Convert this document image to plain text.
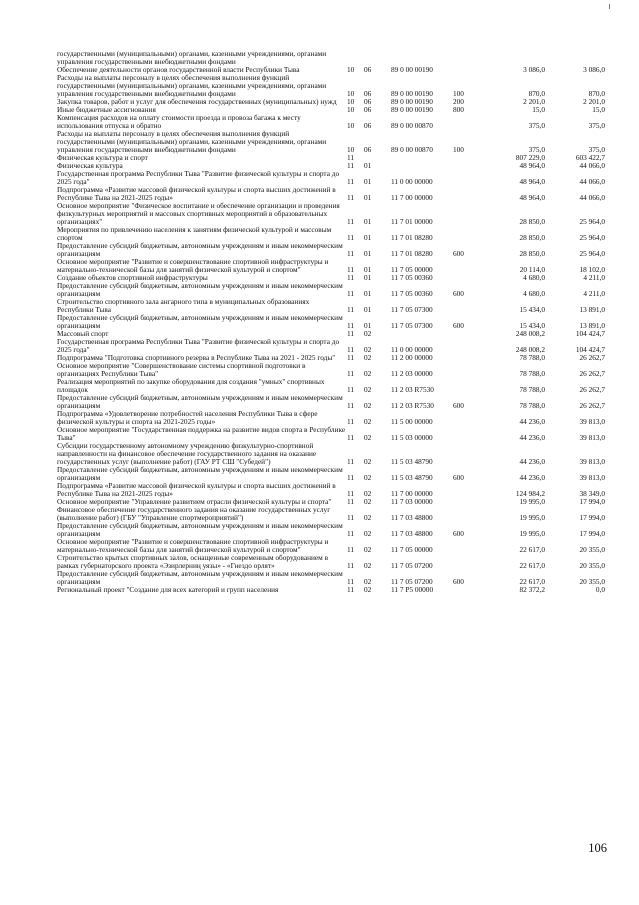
государственными (муниципальными) органами, казенными учреждениями, органами управления государственными внебюджетными фондами						
Обеспечение деятельности органов государственной власти Республики Тыва	10	06	89 0 00 00190		3 086,0	3 086,0
Расходы на выплаты персоналу в целях обеспечения выполнения функций государственными (муниципальными) органами, казенными учреждениями, органами управления государственными внебюджетными фондами	10	06	89 0 00 00190	100	870,0	870,0
Закупка товаров, работ и услуг для обеспечения государственных (муниципальных) нужд	10	06	89 0 00 00190	200	2 201,0	2 201,0
Иные бюджетные ассигнования	10	06	89 0 00 00190	800	15,0	15,0
Компенсация расходов на оплату стоимости проезда и провоза багажа к месту использования отпуска и обратно	10	06	89 0 00 00870		375,0	375,0
Расходы на выплаты персоналу в целях обеспечения выполнения функций государственными (муниципальными) органами, казенными учреждениями, органами управления государственными внебюджетными фондами	10	06	89 0 00 00870	100	375,0	375,0
Физическая культура и спорт	11				807 229,0	603 422,7
Физическая культура	11	01			48 964,0	44 066,0
Государственная программа Республики Тыва "Развитие физической культуры и спорта до 2025 года"	11	01	11 0 00 00000		48 964,0	44 066,0
Подпрограмма «Развитие массовой физической культуры и спорта высших достижений в Республике Тыва на 2021-2025 годы»	11	01	11 7 00 00000		48 964,0	44 066,0
Основное мероприятие "Физическое воспитание и обеспечение организации и проведения физкультурных мероприятий и массовых спортивных мероприятий в образовательных организациях"	11	01	11 7 01 00000		28 850,0	25 964,0
Мероприятия по привлечению населения к занятиям физической культурой и массовым спортом	11	01	11 7 01 08280		28 850,0	25 964,0
Предоставление субсидий бюджетным, автономным учреждениям и иным некоммерческим организациям	11	01	11 7 01 08280	600	28 850,0	25 964,0
Основное мероприятие "Развитие и совершенствование спортивной инфраструктуры и материально-технической базы для занятий физической культурой и спортом"	11	01	11 7 05 00000		20 114,0	18 102,0
Создание объектов спортивной инфраструктуры	11	01	11 7 05 00360		4 680,0	4 211,0
Предоставление субсидий бюджетным, автономным учреждениям и иным некоммерческим организациям	11	01	11 7 05 00360	600	4 680,0	4 211,0
Строительство спортивного зала ангарного типа в муниципальных образованиях Республики Тыва	11	01	11 7 05 07300		15 434,0	13 891,0
Предоставление субсидий бюджетным, автономным учреждениям и иным некоммерческим организациям	11	01	11 7 05 07300	600	15 434,0	13 891,0
Массовый спорт	11	02			248 008,2	104 424,7
Государственная программа Республики Тыва "Развитие физической культуры и спорта до 2025 года"	11	02	11 0 00 00000		248 008,2	104 424,7
Подпрограмма "Подготовка спортивного резерва в Республике Тыва на 2021 - 2025 годы"	11	02	11 2 00 00000		78 788,0	26 262,7
Основное мероприятие "Совершенствование системы спортивной подготовки в организациях Республики Тыва"	11	02	11 2 03 00000		78 788,0	26 262,7
Реализация мероприятий по закупке оборудования для создания "умных" спортивных площадок	11	02	11 2 03 R7530		78 788,0	26 262,7
Предоставление субсидий бюджетным, автономным учреждениям и иным некоммерческим организациям	11	02	11 2 03 R7530	600	78 788,0	26 262,7
Подпрограмма «Удовлетворение потребностей населения Республики Тыва в сфере физической культуры и спорта на 2021-2025 годы»	11	02	11 5 00 00000		44 236,0	39 813,0
Основное мероприятие "Государственная поддержка на развитие видов спорта в Республике Тыва"	11	02	11 5 03 00000		44 236,0	39 813,0
Субсидии государственному автономному учреждению физкультурно-спортивной направленности на финансовое обеспечение государственного задания на оказание государственных услуг (выполнение работ) (ГАУ РТ СШ "Субедей")	11	02	11 5 03 48790		44 236,0	39 813,0
Предоставление субсидий бюджетным, автономным учреждениям и иным некоммерческим организациям	11	02	11 5 03 48790	600	44 236,0	39 813,0
Подпрограмма «Развитие массовой физической культуры и спорта высших достижений в Республике Тыва на 2021-2025 годы»	11	02	11 7 00 00000		124 984,2	38 349,0
Основное мероприятие "Управление развитием отрасли физической культуры и спорта"	11	02	11 7 03 00000		19 995,0	17 994,0
Финансовое обеспечение государственного задания на оказание государственных услуг (выполнение работ) (ГБУ "Управление спортмероприятий")	11	02	11 7 03 48800		19 995,0	17 994,0
Предоставление субсидий бюджетным, автономным учреждениям и иным некоммерческим организациям	11	02	11 7 03 48800	600	19 995,0	17 994,0
Основное мероприятие "Развитие и совершенствование спортивной инфраструктуры и материально-технической базы для занятий физической культурой и спортом"	11	02	11 7 05 00000		22 617,0	20 355,0
Строительство крытых спортивных залов, оснащенные современным оборудованием в рамках губернаторского проекта «Эзирлерниң уязы» - «Гнездо орлят»	11	02	11 7 05 07200		22 617,0	20 355,0
Предоставление субсидий бюджетным, автономным учреждениям и иным некоммерческим организациям	11	02	11 7 05 07200	600	22 617,0	20 355,0
Региональный проект "Создание для всех категорий и групп населения	11	02	11 7 Р5 00000		82 372,2	0,0
106
